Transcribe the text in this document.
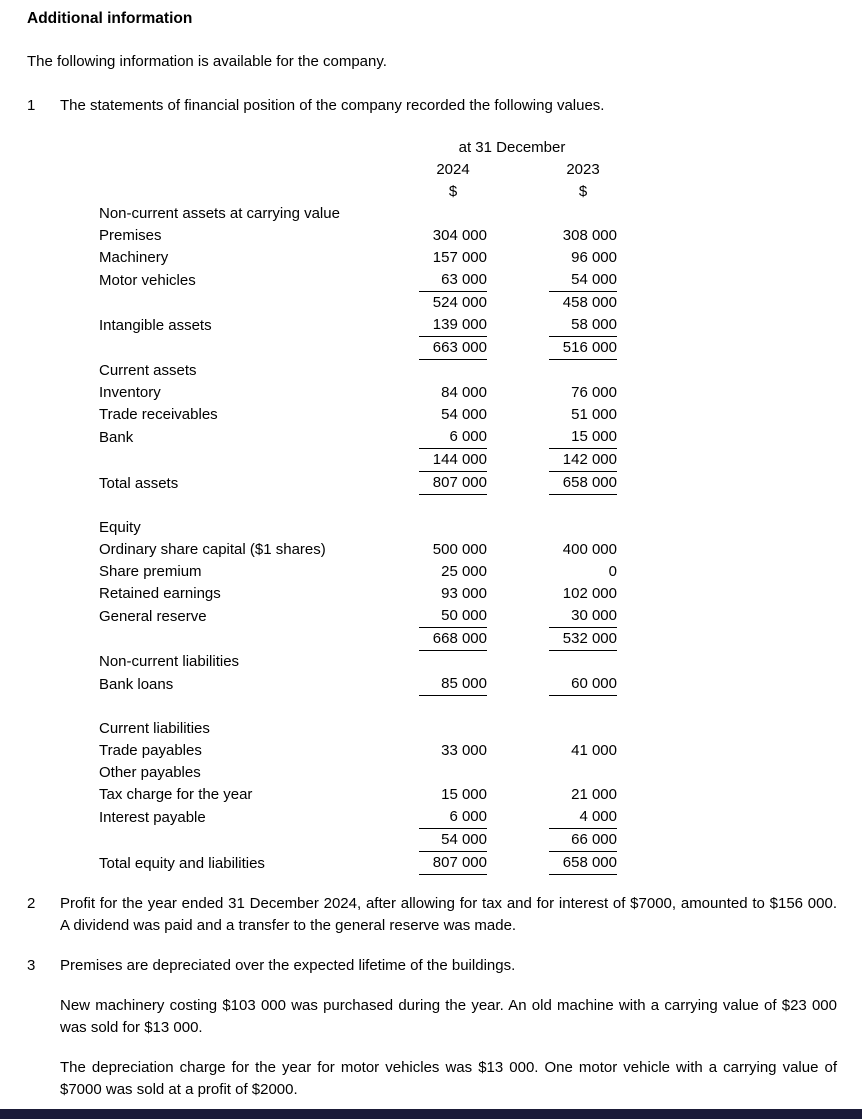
Additional information

The following information is available for the company.

1	The statements of financial position of the company recorded the following values.

	at 31 December	
	2024	2023
	$	$
Non-current assets at carrying value		
Premises	304 000	308 000
Machinery	157 000	96 000
Motor vehicles	63 000	54 000
	524 000	458 000
Intangible assets	139 000	58 000
	663 000	516 000
Current assets		
Inventory	84 000	76 000
Trade receivables	54 000	51 000
Bank	6 000	15 000
	144 000	142 000
Total assets	807 000	658 000

Equity		
Ordinary share capital ($1 shares)	500 000	400 000
Share premium	25 000	0
Retained earnings	93 000	102 000
General reserve	50 000	30 000
	668 000	532 000
Non-current liabilities		
Bank loans	85 000	60 000

Current liabilities		
Trade payables	33 000	41 000
Other payables		
Tax charge for the year	15 000	21 000
Interest payable	6 000	4 000
	54 000	66 000
Total equity and liabilities	807 000	658 000
2	Profit for the year ended 31 December 2024, after allowing for tax and for interest of $7000, amounted to $156 000. A dividend was paid and a transfer to the general reserve was made.

3	Premises are depreciated over the expected lifetime of the buildings.

New machinery costing $103 000 was purchased during the year. An old machine with a carrying value of $23 000 was sold for $13 000.

The depreciation charge for the year for motor vehicles was $13 000. One motor vehicle with a carrying value of $7000 was sold at a profit of $2000.
